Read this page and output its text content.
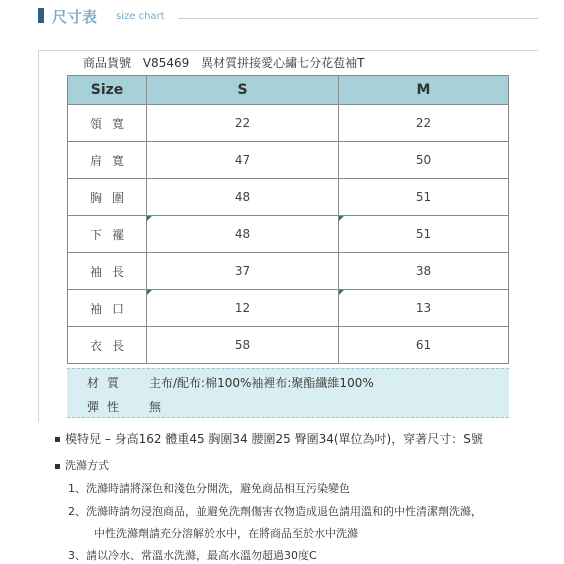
尺寸表 size chart
商品貨號 V85469 異材質拼接愛心繡七分花苞袖T
Size	S	M
領寬	22	22
肩寬	47	50
胸圍	48	51
下襬	48	51
袖長	37	38
袖口	12	13
衣長	58	61
材質 主布/配布:棉100%袖裡布:聚酯纖維100%
彈性 無
模特兒 – 身高162 體重45 胸圍34 腰圍25 臀圍34(單位為吋)，穿著尺寸：S號
洗滌方式
1、洗滌時請將深色和淺色分開洗，避免商品相互污染變色
2、洗滌時請勿浸泡商品，並避免洗劑傷害衣物造成退色請用溫和的中性清潔劑洗滌，
中性洗滌劑請充分溶解於水中，在將商品至於水中洗滌
3、請以冷水、常溫水洗滌，最高水溫勿超過30度C
